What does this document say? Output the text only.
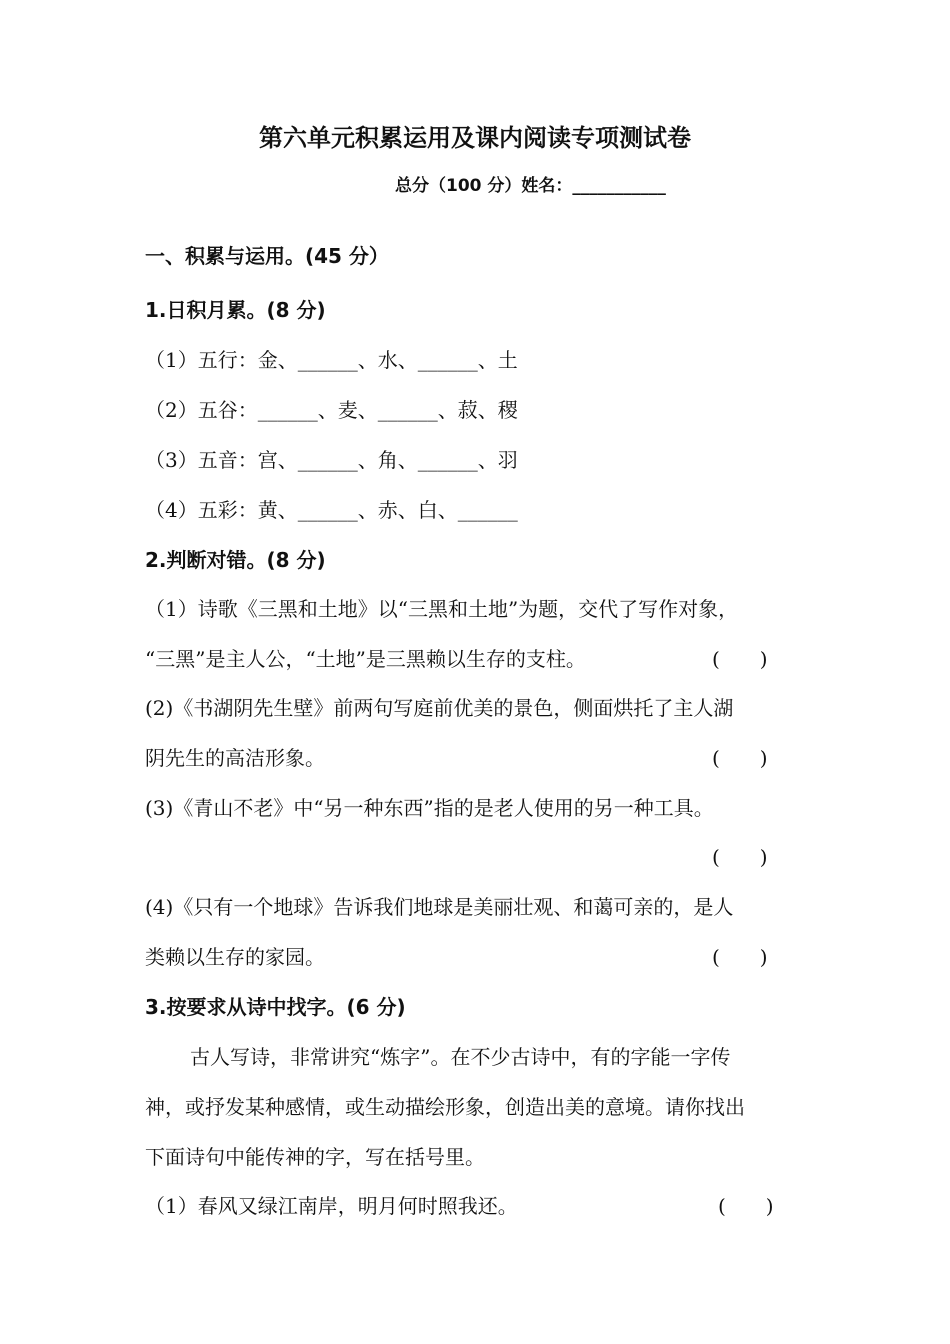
第六单元积累运用及课内阅读专项测试卷
总分（100 分）姓名：___________
一、积累与运用。(45 分）
1.日积月累。(8 分)
（1）五行：金、______、水、______、土
（2）五谷：______、麦、______、菽、稷
（3）五音：宫、______、角、______、羽
（4）五彩：黄、______、赤、白、______
2.判断对错。(8 分)
（1）诗歌《三黑和土地》以“三黑和土地”为题，交代了写作对象，
“三黑”是主人公，“土地”是三黑赖以生存的支柱。	(　　)
(2)《书湖阴先生壁》前两句写庭前优美的景色，侧面烘托了主人湖
阴先生的高洁形象。	(　　)
(3)《青山不老》中“另一种东西”指的是老人使用的另一种工具。
(　　)
(4)《只有一个地球》告诉我们地球是美丽壮观、和蔼可亲的，是人
类赖以生存的家园。	(　　)
3.按要求从诗中找字。(6 分)
古人写诗，非常讲究“炼字”。在不少古诗中，有的字能一字传
神，或抒发某种感情，或生动描绘形象，创造出美的意境。请你找出
下面诗句中能传神的字，写在括号里。
（1）春风又绿江南岸，明月何时照我还。	(　　)
